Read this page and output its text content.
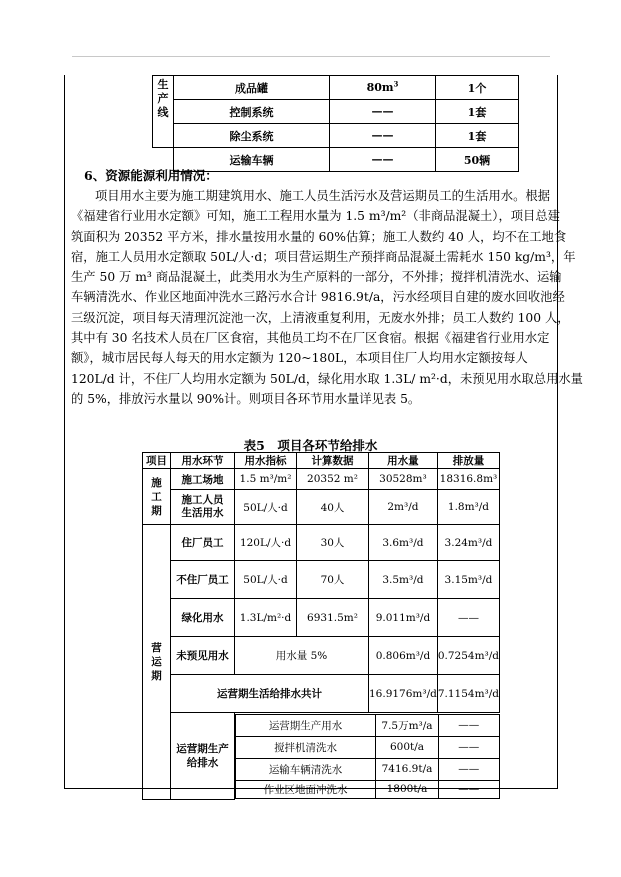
生产线	成品罐	$80m^3$	1个
	控制系统	——	1套
	除尘系统	——	1套
	运输车辆	——	50辆
6、资源能源利用情况：
项目用水主要为施工期建筑用水、施工人员生活污水及营运期员工的生活用水。根据
《福建省行业用水定额》可知，施工工程用水量为 1.5 m³/m²（非商品混凝土），项目总建
筑面积为 20352 平方米，排水量按用水量的 60%估算；施工人数约 40 人，均不在工地食
宿，施工人员用水定额取 50L/人·d；项目营运期生产预拌商品混凝土需耗水 150 kg/m³，年
生产 50 万 m³ 商品混凝土，此类用水为生产原料的一部分，不外排；搅拌机清洗水、运输
车辆清洗水、作业区地面冲洗水三路污水合计 9816.9t/a，污水经项目自建的废水回收池经
三级沉淀，项目每天清理沉淀池一次，上清液重复利用，无废水外排；员工人数约 100 人，
其中有 30 名技术人员在厂区食宿，其他员工均不在厂区食宿。根据《福建省行业用水定
额》，城市居民每人每天的用水定额为 120~180L，本项目住厂人均用水定额按每人
120L/d 计，不住厂人均用水定额为 50L/d，绿化用水取 1.3L/ m²·d，未预见用水取总用水量
的 5%，排放污水量以 90%计。则项目各环节用水量详见表 5。
表5　项目各环节给排水
项目	用水环节	用水指标	计算数据	用水量	排放量
施工期	施工场地	1.5 m³/m²	20352 m²	30528m³	18316.8m³
施工人员生活用水	50L/人·d	40人	2m³/d	1.8m³/d
营运期	住厂员工	120L/人·d	30人	3.6m³/d	3.24m³/d
不住厂员工	50L/人·d	70人	3.5m³/d	3.15m³/d
绿化用水	1.3L/m²·d	6931.5m²	9.011m³/d	——
未预见用水	用水量 5%	0.806m³/d	0.7254m³/d
运营期生活给排水共计	16.9176m³/d	7.1154m³/d
运营期生产给排水	
运营期生产用水	7.5万m³/a	——
搅拌机清洗水	600t/a	——
运输车辆清洗水	7416.9t/a	——
作业区地面冲洗水	1800t/a	——
